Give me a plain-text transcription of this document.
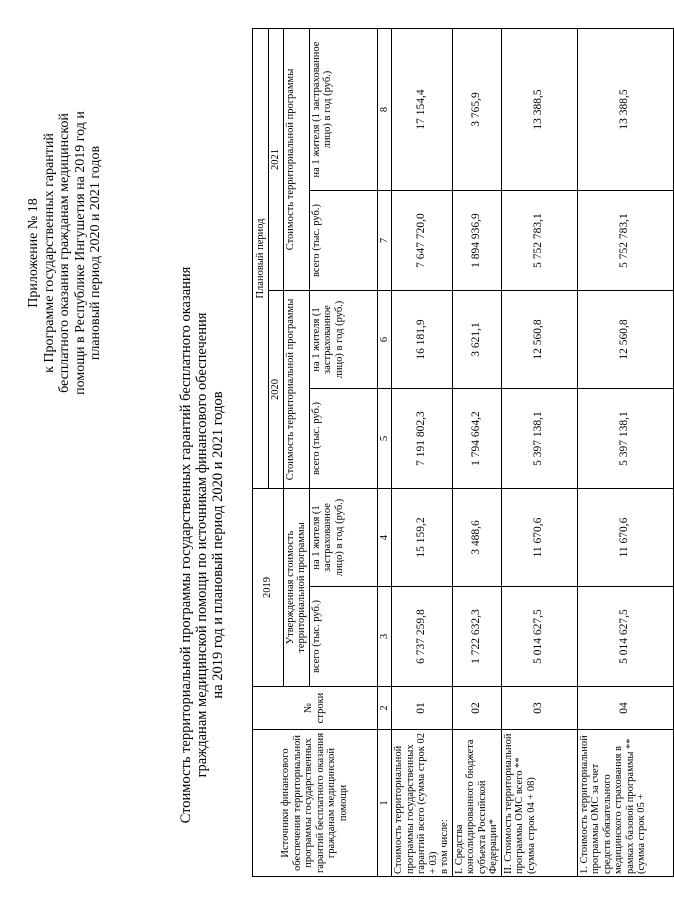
Приложение № 18 к Программе государственных гарантий бесплатного оказания гражданам медицинской помощи в Республике Ингушетия на 2019 год и плановый период 2020 и 2021 годов
Стоимость территориальной программы государственных гарантий бесплатного оказания гражданам медицинской помощи по источникам финансового обеспечения на 2019 год и плановый период 2020 и 2021 годов
Источники финансового обеспечения территориальной программы государственных гарантий бесплатного оказания гражданам медицинской помощи	№ строки	2019		Плановый период			
				2020		2021	
		Утвержденная стоимость территориальной программы		Стоимость территориальной программы		Стоимость территориальной программы	
		всего (тыс. руб.)	на 1 жителя (1 застрахованное лицо) в год (руб.)	всего (тыс. руб.)	на 1 жителя (1 застрахованное лицо) в год (руб.)	всего (тыс. руб.)	на 1 жителя (1 застрахованное лицо) в год (руб.)
1	2	3	4	5	6	7	8

Стоимость территориальной программы государственных гарантий всего (сумма строк 02 + 03) в том числе:	01	6 737 259,8	15 159,2	7 191 802,3	16 181,9	7 647 720,0	17 154,4
I. Средства консолидированного бюджета субъекта Российской Федерации*	02	1 722 632,3	3 488,6	1 794 664,2	3 621,1	1 894 936,9	3 765,9
II. Стоимость территориальной программы ОМС всего ** (сумма строк 04 + 08)	03	5 014 627,5	11 670,6	5 397 138,1	12 560,8	5 752 783,1	13 388,5
1. Стоимость территориальной программы ОМС за счет средств обязательного медицинского страхования в рамках базовой программы ** (сумма строк 05 +	04	5 014 627,5	11 670,6	5 397 138,1	12 560,8	5 752 783,1	13 388,5
